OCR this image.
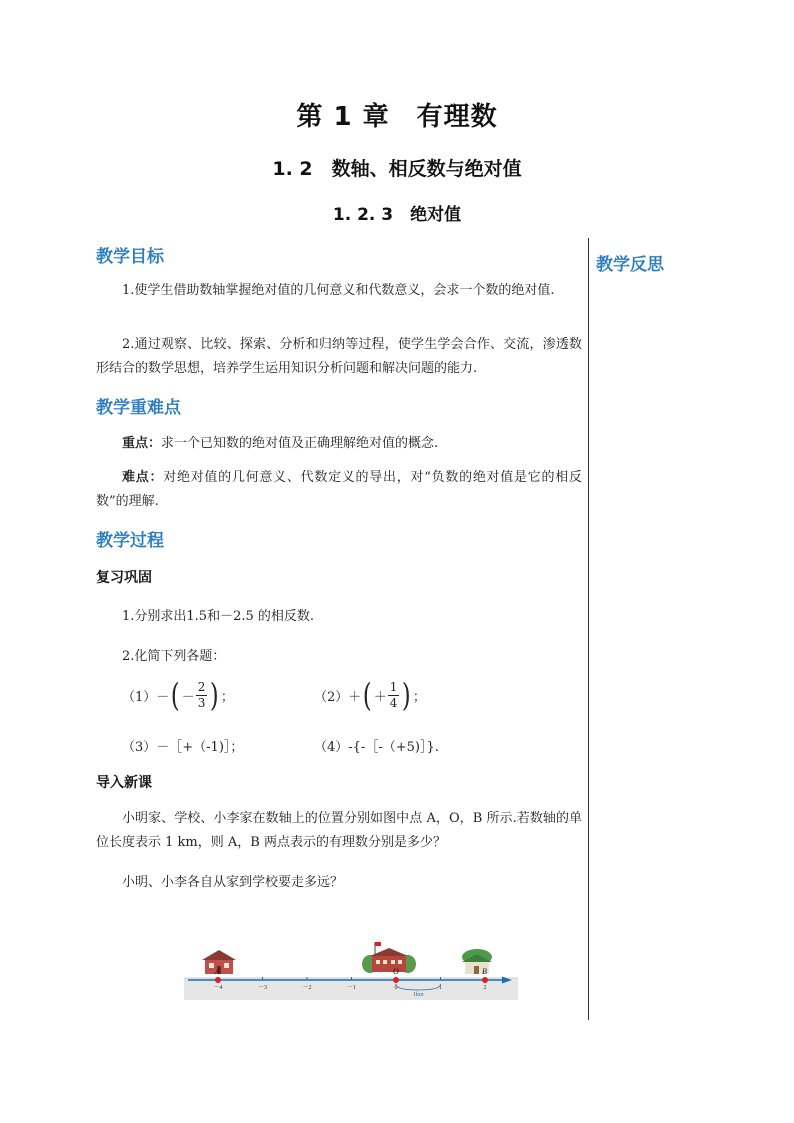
第 1 章　有理数
1. 2　数轴、相反数与绝对值
1. 2. 3　绝对值
教学反思
教学目标
1.使学生借助数轴掌握绝对值的几何意义和代数意义，会求一个数的绝对值.
2.通过观察、比较、探索、分析和归纳等过程，使学生学会合作、交流，渗透数形结合的数学思想，培养学生运用知识分析问题和解决问题的能力.
教学重难点
重点：求一个已知数的绝对值及正确理解绝对值的概念.
难点：对绝对值的几何意义、代数定义的导出，对“负数的绝对值是它的相反数”的理解.
教学过程
复习巩固
1.分别求出1.5和－2.5 的相反数.
2.化简下列各题：
（1） － ( － $\frac{2}{3}$ ) ；	（2） ＋ ( ＋ $\frac{1}{4}$ ) ；
（3）－［+（-1)］；	（4）-{-［-（+5)］}.
导入新课
小明家、学校、小李家在数轴上的位置分别如图中点 A，O，B 所示.若数轴的单位长度表示 1 km，则 A，B 两点表示的有理数分别是多少？
小明、小李各自从家到学校要走多远？
－4	－3	－2	－1	0	1	2
A	O	B
1km
